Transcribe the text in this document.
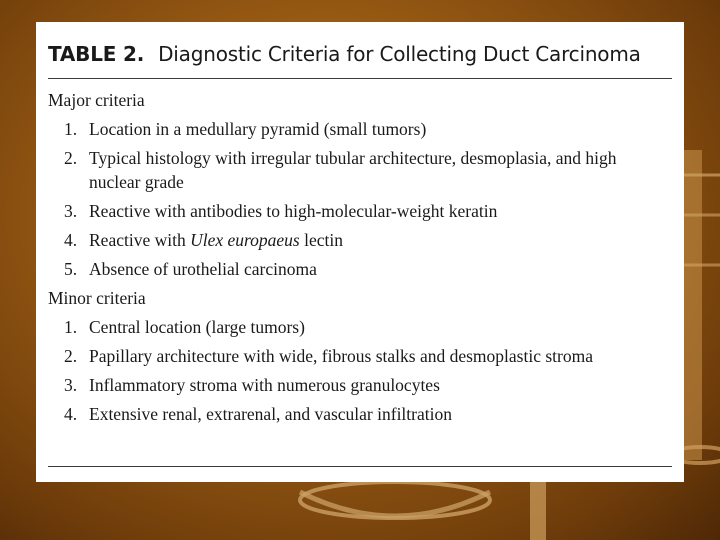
TABLE 2. Diagnostic Criteria for Collecting Duct Carcinoma

Major criteria

1. Location in a medullary pyramid (small tumors)
2. Typical histology with irregular tubular architecture, desmoplasia, and high nuclear grade
3. Reactive with antibodies to high-molecular-weight keratin
4. Reactive with Ulex europaeus lectin
5. Absence of urothelial carcinoma

Minor criteria

1. Central location (large tumors)
2. Papillary architecture with wide, fibrous stalks and desmoplastic stroma
3. Inflammatory stroma with numerous granulocytes
4. Extensive renal, extrarenal, and vascular infiltration
